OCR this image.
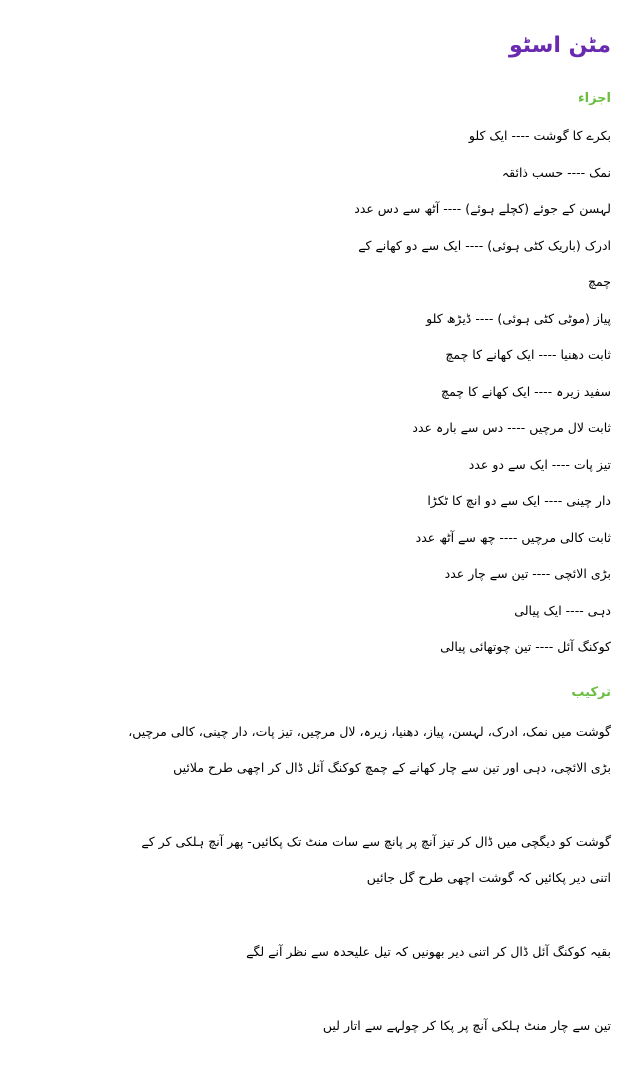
مٹن اسٹو
اجزاء
بکرے کا گوشت ---- ایک کلو
نمک ---- حسب ذائقہ
لہسن کے جوئے (کچلے ہوئے) ---- آٹھ سے دس عدد
ادرک (باریک کٹی ہوئی) ---- ایک سے دو کھانے کے
چمچ
پیاز (موٹی کٹی ہوئی) ---- ڈیڑھ کلو
ثابت دھنیا ---- ایک کھانے کا چمچ
سفید زیرہ ---- ایک کھانے کا چمچ
ثابت لال مرچیں ---- دس سے بارہ عدد
تیز پات ---- ایک سے دو عدد
دار چینی ---- ایک سے دو انچ کا ٹکڑا
ثابت کالی مرچیں ---- چھ سے آٹھ عدد
بڑی الائچی ---- تین سے چار عدد
دہی ---- ایک پیالی
کوکنگ آئل ---- تین چوتھائی پیالی
ترکیب

گوشت میں نمک، ادرک، لہسن، پیاز، دھنیا، زیرہ، لال مرچیں، تیز پات، دار چینی، کالی مرچیں،

بڑی الائچی، دہی اور تین سے چار کھانے کے چمچ کوکنگ آئل ڈال کر اچھی طرح ملائیں

گوشت کو دیگچی میں ڈال کر تیز آنچ پر پانچ سے سات منٹ تک پکائیں- پھر آنچ ہلکی کر کے

اتنی دیر پکائیں کہ گوشت اچھی طرح گل جائیں

بقیہ کوکنگ آئل ڈال کر اتنی دیر بھونیں کہ تیل علیحدہ سے نظر آنے لگے

تین سے چار منٹ ہلکی آنچ پر پکا کر چولہے سے اتار لیں
